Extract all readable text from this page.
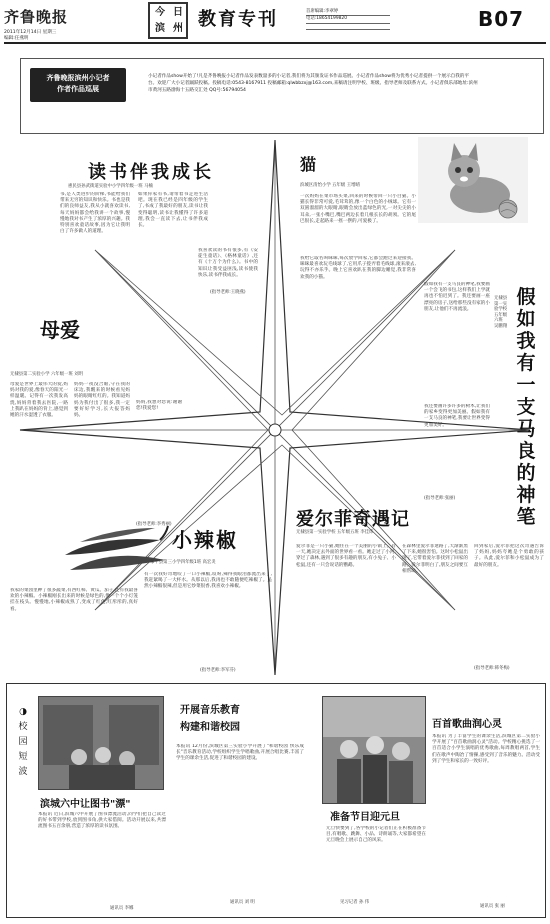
齐鲁晚报
2011年12月14日 星期三
编辑:任燕明
今 日
滨 州 教育专刊	首席编辑:李翠婷
电话:18654199820	B07
齐鲁晚报滨州小记者
作者作品巡展
小记者作品show开始了!凡是齐鲁晚报小记者作品发表数量多的小记者,我们将为其颁发证书作品巡展。小记者作品show将为优秀小记者提供一个展示自我的平台。欢迎广大小记者踊跃投稿。投稿电话:0543-8167911 投稿邮箱:qlwbbzxj@163.com,来稿请注明学校、班级、指导老师及联系方式。小记者俱乐部地址:滨州市黄河五路渤海十五路交汇处 QQ号:56794054
读书伴我成长
惠民县孙武街道实验中小学四年级一班 马楠
书,是人类进步的阶梯,书能给我们带来无穷的知识和快乐。书也是我们的良师益友,我从小就喜欢读书,每天妈妈都会给我讲一个故事,慢慢地我对书产生了浓厚的兴趣。我特别喜欢童话故事,因为它让我明白了许多做人的道理。
如果你家有书,请带着书走进生活吧。现在我已经是四年级的学生了,书成了我最好的朋友,读书让我变得聪明,读书让我懂得了许多道理,我会一直读下去,让书伴我成长。
我喜欢读的书有很多,有《安徒生童话》、《格林童话》,还有《十万个为什么》。书中的知识让我受益匪浅,读书使我快乐,读书伴我成长。
(指导老师:王晓燕)
猫
滨城区清怡小学 五年级 王增晴
一次妈妈在菜市场买菜,回来的时候带回一只小白猫。小猫长得非常可爱,毛茸茸的,像一个白色的小绒球。它有一双圆溜溜的大眼睛,眼睛会放出蓝绿色的光,一对尖尖的小耳朵,一张小嘴巴,嘴巴两边长着几根长长的胡须。它的尾巴很长,走起路来一摇一摆的,可爱极了。
我给它取名叫咪咪,每次放学回家,它都会跑过来迎接我。咪咪最喜欢玩毛线球了,它用爪子拨弄着毛线球,滚来滚去,玩得不亦乐乎。晚上它喜欢趴在我的脚边睡觉,我非常喜欢我的小猫。
母爱
无棣县第二实验小学 六年级一班 刘玥
母爱是世界上最伟大的爱,妈妈对我的爱,像春天的阳光一样温暖。记得有一次我发高烧,妈妈背着我去医院,一路上我趴在妈妈的背上,感觉到她的汗水湿透了衣服。
妈妈一夜没合眼,守在我的床边,我醒来的时候看见妈妈的眼睛红红的。我知道妈妈为我付出了很多,我一定要好好学习,长大报答妈妈。
妈妈,我想对您说:谢谢您!我爱您!
(指导老师:李秀丽)
小辣椒
邹平县第三小学四年级1班 高宏炎
我家的菜园里种了很多蔬菜,有西红柿、黄瓜、茄子,还有我最喜欢的小辣椒。小辣椒刚长出来的时候是绿色的,像一个个小灯笼挂在枝头。慢慢地,小辣椒成熟了,变成了红色,红彤彤的,真好看。
有一次我好奇地咬了一口小辣椒,哎呀,辣得我眼泪都流出来了,我赶紧喝了一大杯水。从那以后,我再也不敢随便吃辣椒了。虽然小辣椒很辣,但是用它炒菜很香,我喜欢小辣椒。
(指导老师:李军芬)
爱尔菲奇遇记
无棣县第一实验学校 五年级五班 李佳炜
爱尔菲是一只小猫,她住在一个美丽的小镇上。有一天,她决定去外面的世界看一看。她走过了小河,穿过了森林,遇到了很多有趣的朋友,有小兔子、小松鼠,还有一只会说话的鹦鹉。
在森林里爱尔菲迷路了,天渐渐黑了下来,她很害怕。这时小松鼠出现了,它带着爱尔菲找到了回家的路。爱尔菲明白了,朋友之间要互相帮助。
回到家后,爱尔菲把这次奇遇告诉了妈妈,妈妈夸她是个勇敢的孩子。从此,爱尔菲和小松鼠成为了最好的朋友。
(指导老师:韩冬梅)
假如我有一支马良的神笔
无棣县第一实验学校 五年级六班 吴鹏翔
假如我有一支马良的神笔,我要画一个会飞的书包,这样我们上学就再也不怕迟到了。我还要画一座漂亮的房子,送给那些没有家的小朋友,让他们不再流浪。
我还要画许多许多的树木,让我们的家乡变得更加美丽。假如我有一支马良的神笔,我要让世界变得更加美好。
(指导老师:张丽)
◑
校
园
短
波
滨城六中让图书"漂"
本报讯 近日,滨城六中开展了图书漂流活动,同学们把自己读过的好书带到学校,放到图书角,供大家借阅。活动开展以来,共漂流图书五百余册,营造了浓厚的读书氛围。
通讯员 李娜
开展音乐教育
构建和谐校园
本报讯 12月份,滨城区第三实验小学开展了"和谐校园 快乐成长"音乐教育活动,学校组织学生学唱歌曲,开展合唱比赛,丰富了学生的课余生活,促进了和谐校园的建设。
通讯员 刘 明
准备节目迎元旦
元旦快要到了,各学校的小记者们正在积极准备节目,有唱歌、跳舞、小品、诗朗诵等,大家都希望在元旦晚会上展示自己的风采。
见习记者 孙 伟
百首歌曲润心灵
本报讯 为了丰富学生的课余生活,滨城区第二实验小学开展了"百首歌曲润心灵"活动。学校精心挑选了一百首适合小学生演唱的优秀歌曲,每周教唱两首,学生们在歌声中陶冶了情操,感受到了音乐的魅力。活动受到了学生和家长的一致好评。
通讯员 张 丽
